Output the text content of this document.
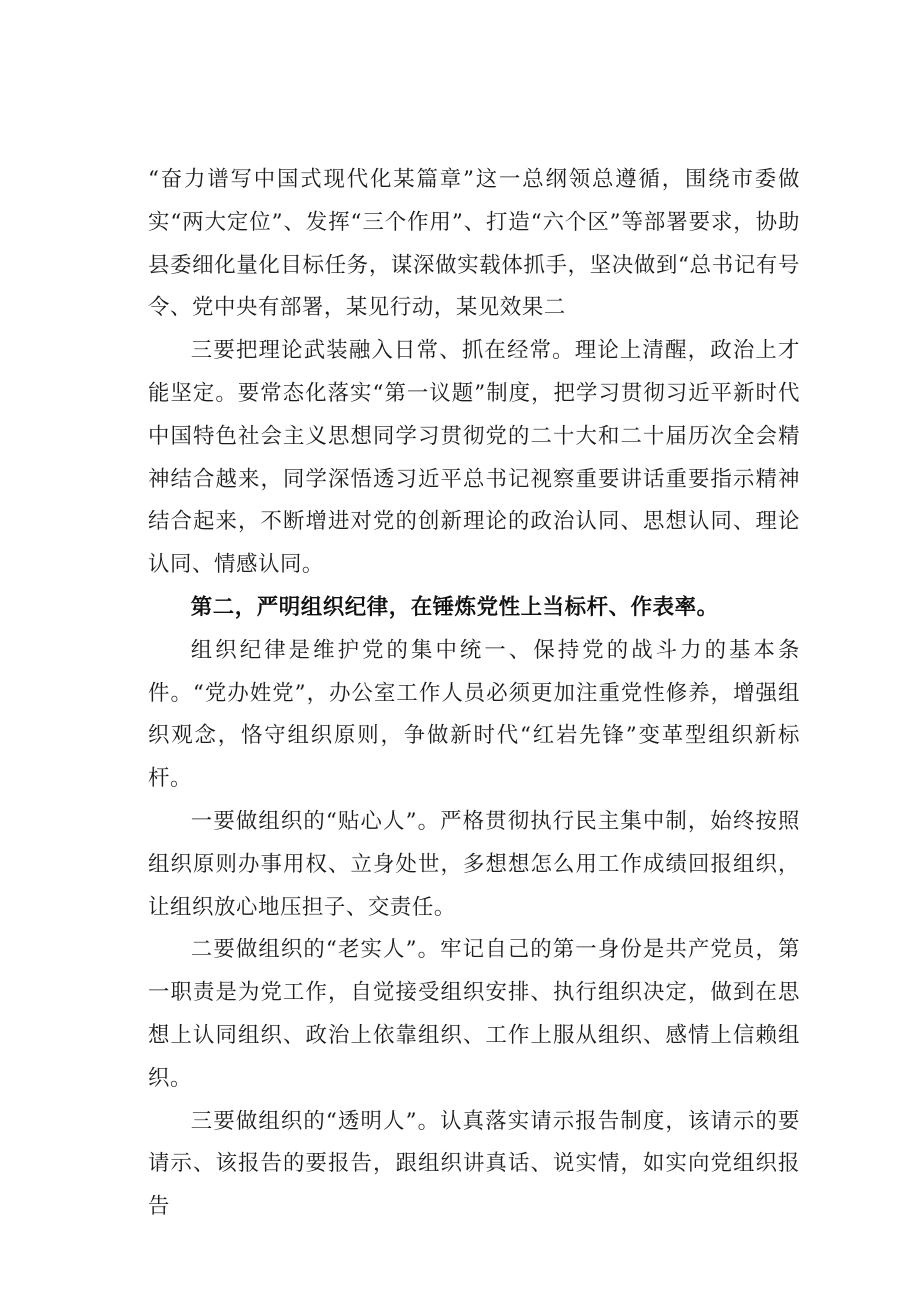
“奋力谱写中国式现代化某篇章”这一总纲领总遵循，围绕市委做实“两大定位”、发挥“三个作用”、打造“六个区”等部署要求，协助县委细化量化目标任务，谋深做实载体抓手，坚决做到“总书记有号令、党中央有部署，某见行动，某见效果二

三要把理论武装融入日常、抓在经常。理论上清醒，政治上才能坚定。要常态化落实“第一议题”制度，把学习贯彻习近平新时代中国特色社会主义思想同学习贯彻党的二十大和二十届历次全会精神结合越来，同学深悟透习近平总书记视察重要讲话重要指示精神结合起来，不断增进对党的创新理论的政治认同、思想认同、理论认同、情感认同。

第二，严明组织纪律，在锤炼党性上当标杆、作表率。

组织纪律是维护党的集中统一、保持党的战斗力的基本条件。“党办姓党”，办公室工作人员必须更加注重党性修养，增强组织观念，恪守组织原则，争做新时代“红岩先锋”变革型组织新标杆。

一要做组织的“贴心人”。严格贯彻执行民主集中制，始终按照组织原则办事用权、立身处世，多想想怎么用工作成绩回报组织，让组织放心地压担子、交责任。

二要做组织的“老实人”。牢记自己的第一身份是共产党员，第一职责是为党工作，自觉接受组织安排、执行组织决定，做到在思想上认同组织、政治上依靠组织、工作上服从组织、感情上信赖组织。

三要做组织的“透明人”。认真落实请示报告制度，该请示的要请示、该报告的要报告，跟组织讲真话、说实情，如实向党组织报告
